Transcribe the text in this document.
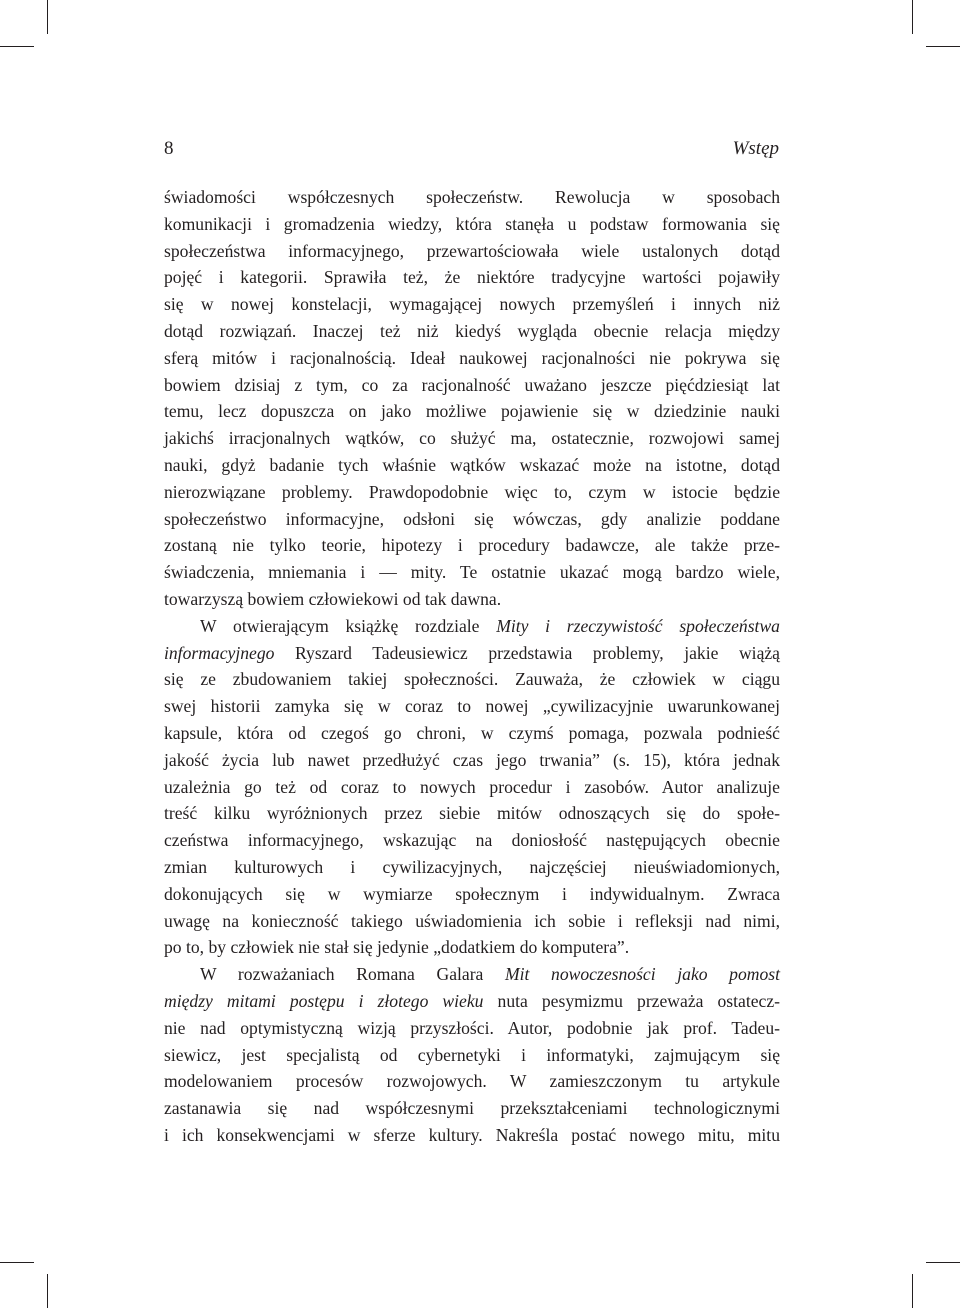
8	Wstęp

świadomości współczesnych społeczeństw. Rewolucja w sposobach

komunikacji i gromadzenia wiedzy, która stanęła u podstaw formowania się

społeczeństwa informacyjnego, przewartościowała wiele ustalonych dotąd

pojęć i kategorii. Sprawiła też, że niektóre tradycyjne wartości pojawiły

się w nowej konstelacji, wymagającej nowych przemyśleń i innych niż

dotąd rozwiązań. Inaczej też niż kiedyś wygląda obecnie relacja między

sferą mitów i racjonalnością. Ideał naukowej racjonalności nie pokrywa się

bowiem dzisiaj z tym, co za racjonalność uważano jeszcze pięćdziesiąt lat

temu, lecz dopuszcza on jako możliwe pojawienie się w dziedzinie nauki

jakichś irracjonalnych wątków, co służyć ma, ostatecznie, rozwojowi samej

nauki, gdyż badanie tych właśnie wątków wskazać może na istotne, dotąd

nierozwiązane problemy. Prawdopodobnie więc to, czym w istocie będzie

społeczeństwo informacyjne, odsłoni się wówczas, gdy analizie poddane

zostaną nie tylko teorie, hipotezy i procedury badawcze, ale także prze-

świadczenia, mniemania i — mity. Te ostatnie ukazać mogą bardzo wiele,

towarzyszą bowiem człowiekowi od tak dawna.

W otwierającym książkę rozdziale Mity i rzeczywistość społeczeństwa

informacyjnego Ryszard Tadeusiewicz przedstawia problemy, jakie wiążą

się ze zbudowaniem takiej społeczności. Zauważa, że człowiek w ciągu

swej historii zamyka się w coraz to nowej „cywilizacyjnie uwarunkowanej

kapsule, która od czegoś go chroni, w czymś pomaga, pozwala podnieść

jakość życia lub nawet przedłużyć czas jego trwania” (s. 15), która jednak

uzależnia go też od coraz to nowych procedur i zasobów. Autor analizuje

treść kilku wyróżnionych przez siebie mitów odnoszących się do społe-

czeństwa informacyjnego, wskazując na doniosłość następujących obecnie

zmian kulturowych i cywilizacyjnych, najczęściej nieuświadomionych,

dokonujących się w wymiarze społecznym i indywidualnym. Zwraca

uwagę na konieczność takiego uświadomienia ich sobie i refleksji nad nimi,

po to, by człowiek nie stał się jedynie „dodatkiem do komputera”.

W rozważaniach Romana Galara Mit nowoczesności jako pomost

między mitami postępu i złotego wieku nuta pesymizmu przeważa ostatecz-

nie nad optymistyczną wizją przyszłości. Autor, podobnie jak prof. Tadeu-

siewicz, jest specjalistą od cybernetyki i informatyki, zajmującym się

modelowaniem procesów rozwojowych. W zamieszczonym tu artykule

zastanawia się nad współczesnymi przekształceniami technologicznymi

i ich konsekwencjami w sferze kultury. Nakreśla postać nowego mitu, mitu
